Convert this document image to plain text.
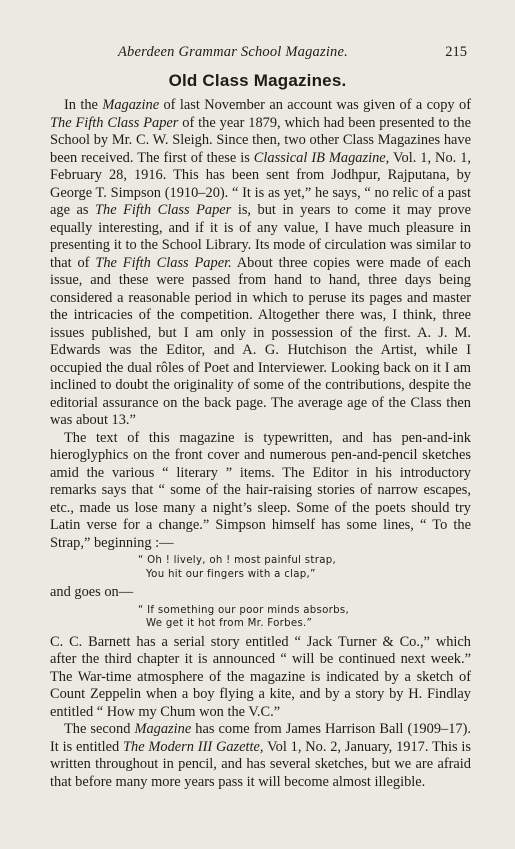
Aberdeen Grammar School Magazine.	215
Old Class Magazines.

In the Magazine of last November an account was given of a copy of The Fifth Class Paper of the year 1879, which had been presented to the School by Mr. C. W. Sleigh. Since then, two other Class Magazines have been received. The first of these is Classical IB Magazine, Vol. 1, No. 1, February 28, 1916. This has been sent from Jodhpur, Rajputana, by George T. Simpson (1910–20). “ It is as yet,” he says, “ no relic of a past age as The Fifth Class Paper is, but in years to come it may prove equally interesting, and if it is of any value, I have much pleasure in presenting it to the School Library. Its mode of circulation was similar to that of The Fifth Class Paper. About three copies were made of each issue, and these were passed from hand to hand, three days being considered a reasonable period in which to peruse its pages and master the intricacies of the competition. Altogether there was, I think, three issues published, but I am only in possession of the first. A. J. M. Edwards was the Editor, and A. G. Hutchison the Artist, while I occupied the dual rôles of Poet and Interviewer. Looking back on it I am inclined to doubt the originality of some of the contributions, despite the editorial assurance on the back page. The average age of the Class then was about 13.”

The text of this magazine is typewritten, and has pen-and-ink hieroglyphics on the front cover and numerous pen-and-pencil sketches amid the various “ literary ” items. The Editor in his introductory remarks says that “ some of the hair-raising stories of narrow escapes, etc., made us lose many a night’s sleep. Some of the poets should try Latin verse for a change.” Simpson himself has some lines, “ To the Strap,” beginning :—

“ Oh ! lively, oh ! most painful strap,
You hit our fingers with a clap,”

and goes on—

“ If something our poor minds absorbs,
We get it hot from Mr. Forbes.”

C. C. Barnett has a serial story entitled “ Jack Turner & Co.,” which after the third chapter it is announced “ will be continued next week.” The War-time atmosphere of the magazine is indicated by a sketch of Count Zeppelin when a boy flying a kite, and by a story by H. Findlay entitled “ How my Chum won the V.C.”

The second Magazine has come from James Harrison Ball (1909–17). It is entitled The Modern III Gazette, Vol 1, No. 2, January, 1917. This is written throughout in pencil, and has several sketches, but we are afraid that before many more years pass it will become almost illegible.
